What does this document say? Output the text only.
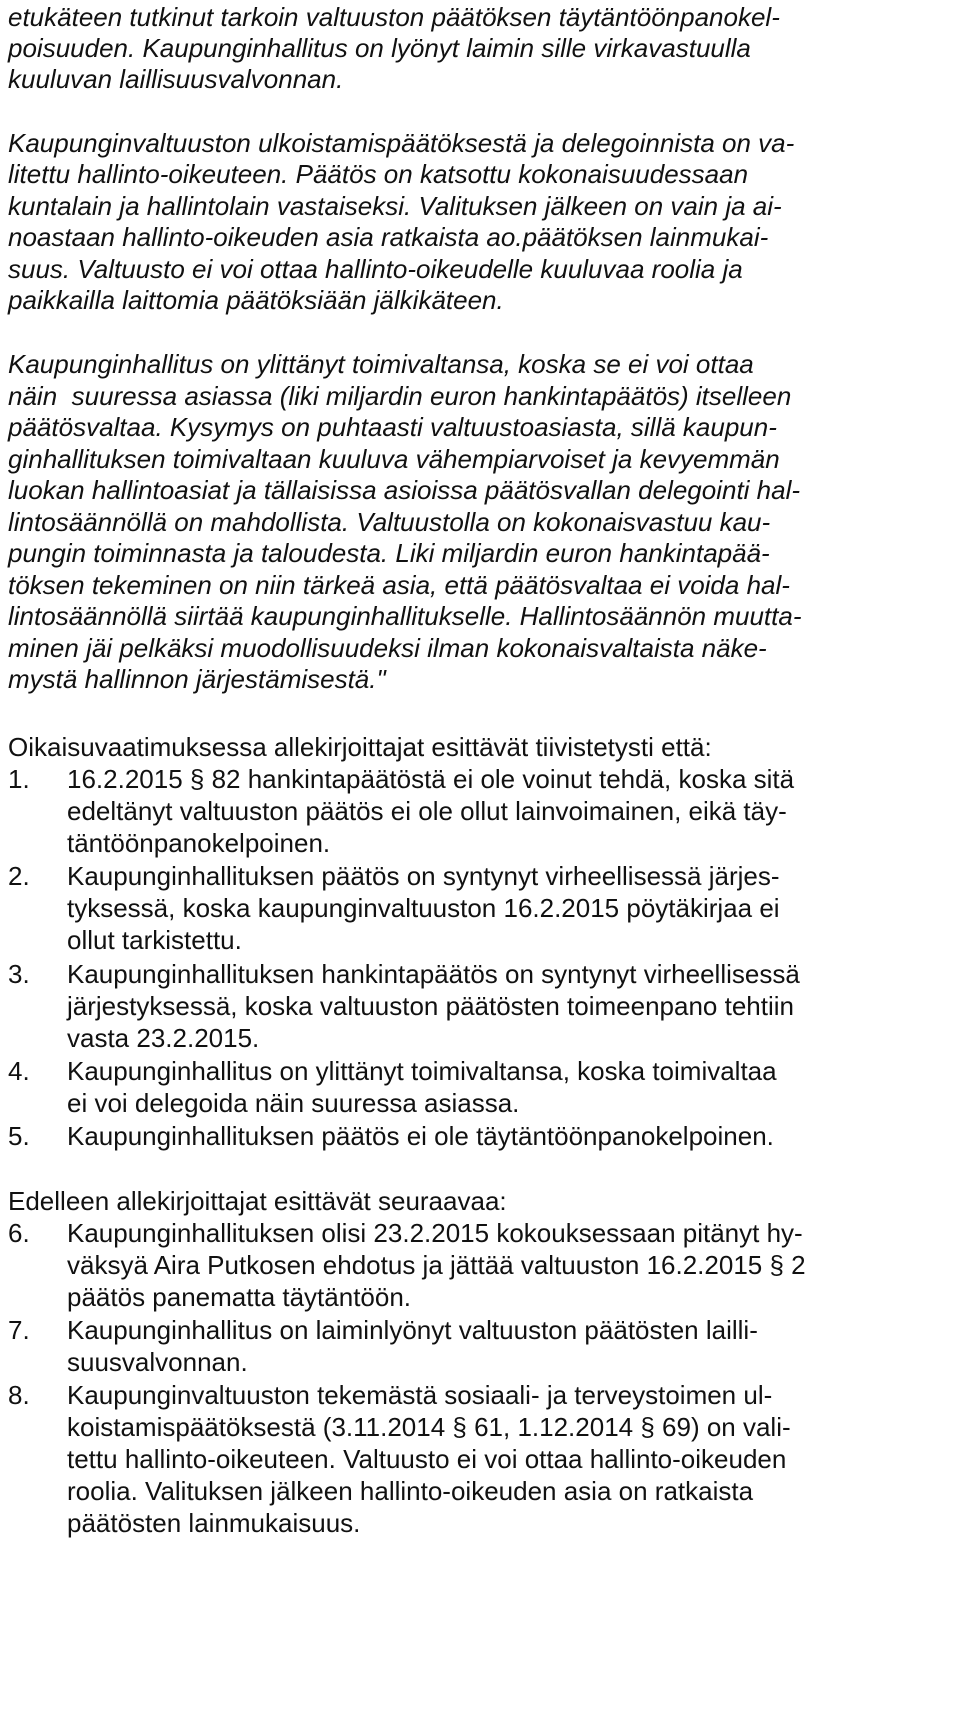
etukäteen tutkinut tarkoin valtuuston päätöksen täytäntöönpanokel-
poisuuden. Kaupunginhallitus on lyönyt laimin sille virkavastuulla
kuuluvan laillisuusvalvonnan.
Kaupunginvaltuuston ulkoistamispäätöksestä ja delegoinnista on va-
litettu hallinto-oikeuteen. Päätös on katsottu kokonaisuudessaan
kuntalain ja hallintolain vastaiseksi. Valituksen jälkeen on vain ja ai-
noastaan hallinto-oikeuden asia ratkaista ao.päätöksen lainmukai-
suus. Valtuusto ei voi ottaa hallinto-oikeudelle kuuluvaa roolia ja
paikkailla laittomia päätöksiään jälkikäteen.
Kaupunginhallitus on ylittänyt toimivaltansa, koska se ei voi ottaa
näin  suuressa asiassa (liki miljardin euron hankintapäätös) itselleen
päätösvaltaa. Kysymys on puhtaasti valtuustoasiasta, sillä kaupun-
ginhallituksen toimivaltaan kuuluva vähempiarvoiset ja kevyemmän
luokan hallintoasiat ja tällaisissa asioissa päätösvallan delegointi hal-
lintosäännöllä on mahdollista. Valtuustolla on kokonaisvastuu kau-
pungin toiminnasta ja taloudesta. Liki miljardin euron hankintapää-
töksen tekeminen on niin tärkeä asia, että päätösvaltaa ei voida hal-
lintosäännöllä siirtää kaupunginhallitukselle. Hallintosäännön muutta-
minen jäi pelkäksi muodollisuudeksi ilman kokonaisvaltaista näke-
mystä hallinnon järjestämisestä."
Oikaisuvaatimuksessa allekirjoittajat esittävät tiivistetysti että:
1. 16.2.2015 § 82 hankintapäätöstä ei ole voinut tehdä, koska sitä
edeltänyt valtuuston päätös ei ole ollut lainvoimainen, eikä täy-
täntöönpanokelpoinen.
2. Kaupunginhallituksen päätös on syntynyt virheellisessä järjes-
tyksessä, koska kaupunginvaltuuston 16.2.2015 pöytäkirjaa ei
ollut tarkistettu.
3. Kaupunginhallituksen hankintapäätös on syntynyt virheellisessä
järjestyksessä, koska valtuuston päätösten toimeenpano tehtiin
vasta 23.2.2015.
4. Kaupunginhallitus on ylittänyt toimivaltansa, koska toimivaltaa
ei voi delegoida näin suuressa asiassa.
5. Kaupunginhallituksen päätös ei ole täytäntöönpanokelpoinen.
Edelleen allekirjoittajat esittävät seuraavaa:
6. Kaupunginhallituksen olisi 23.2.2015 kokouksessaan pitänyt hy-
väksyä Aira Putkosen ehdotus ja jättää valtuuston 16.2.2015 § 2
päätös panematta täytäntöön.
7. Kaupunginhallitus on laiminlyönyt valtuuston päätösten lailli-
suusvalvonnan.
8. Kaupunginvaltuuston tekemästä sosiaali- ja terveystoimen ul-
koistamispäätöksestä (3.11.2014 § 61, 1.12.2014 § 69) on vali-
tettu hallinto-oikeuteen. Valtuusto ei voi ottaa hallinto-oikeuden
roolia. Valituksen jälkeen hallinto-oikeuden asia on ratkaista
päätösten lainmukaisuus.
